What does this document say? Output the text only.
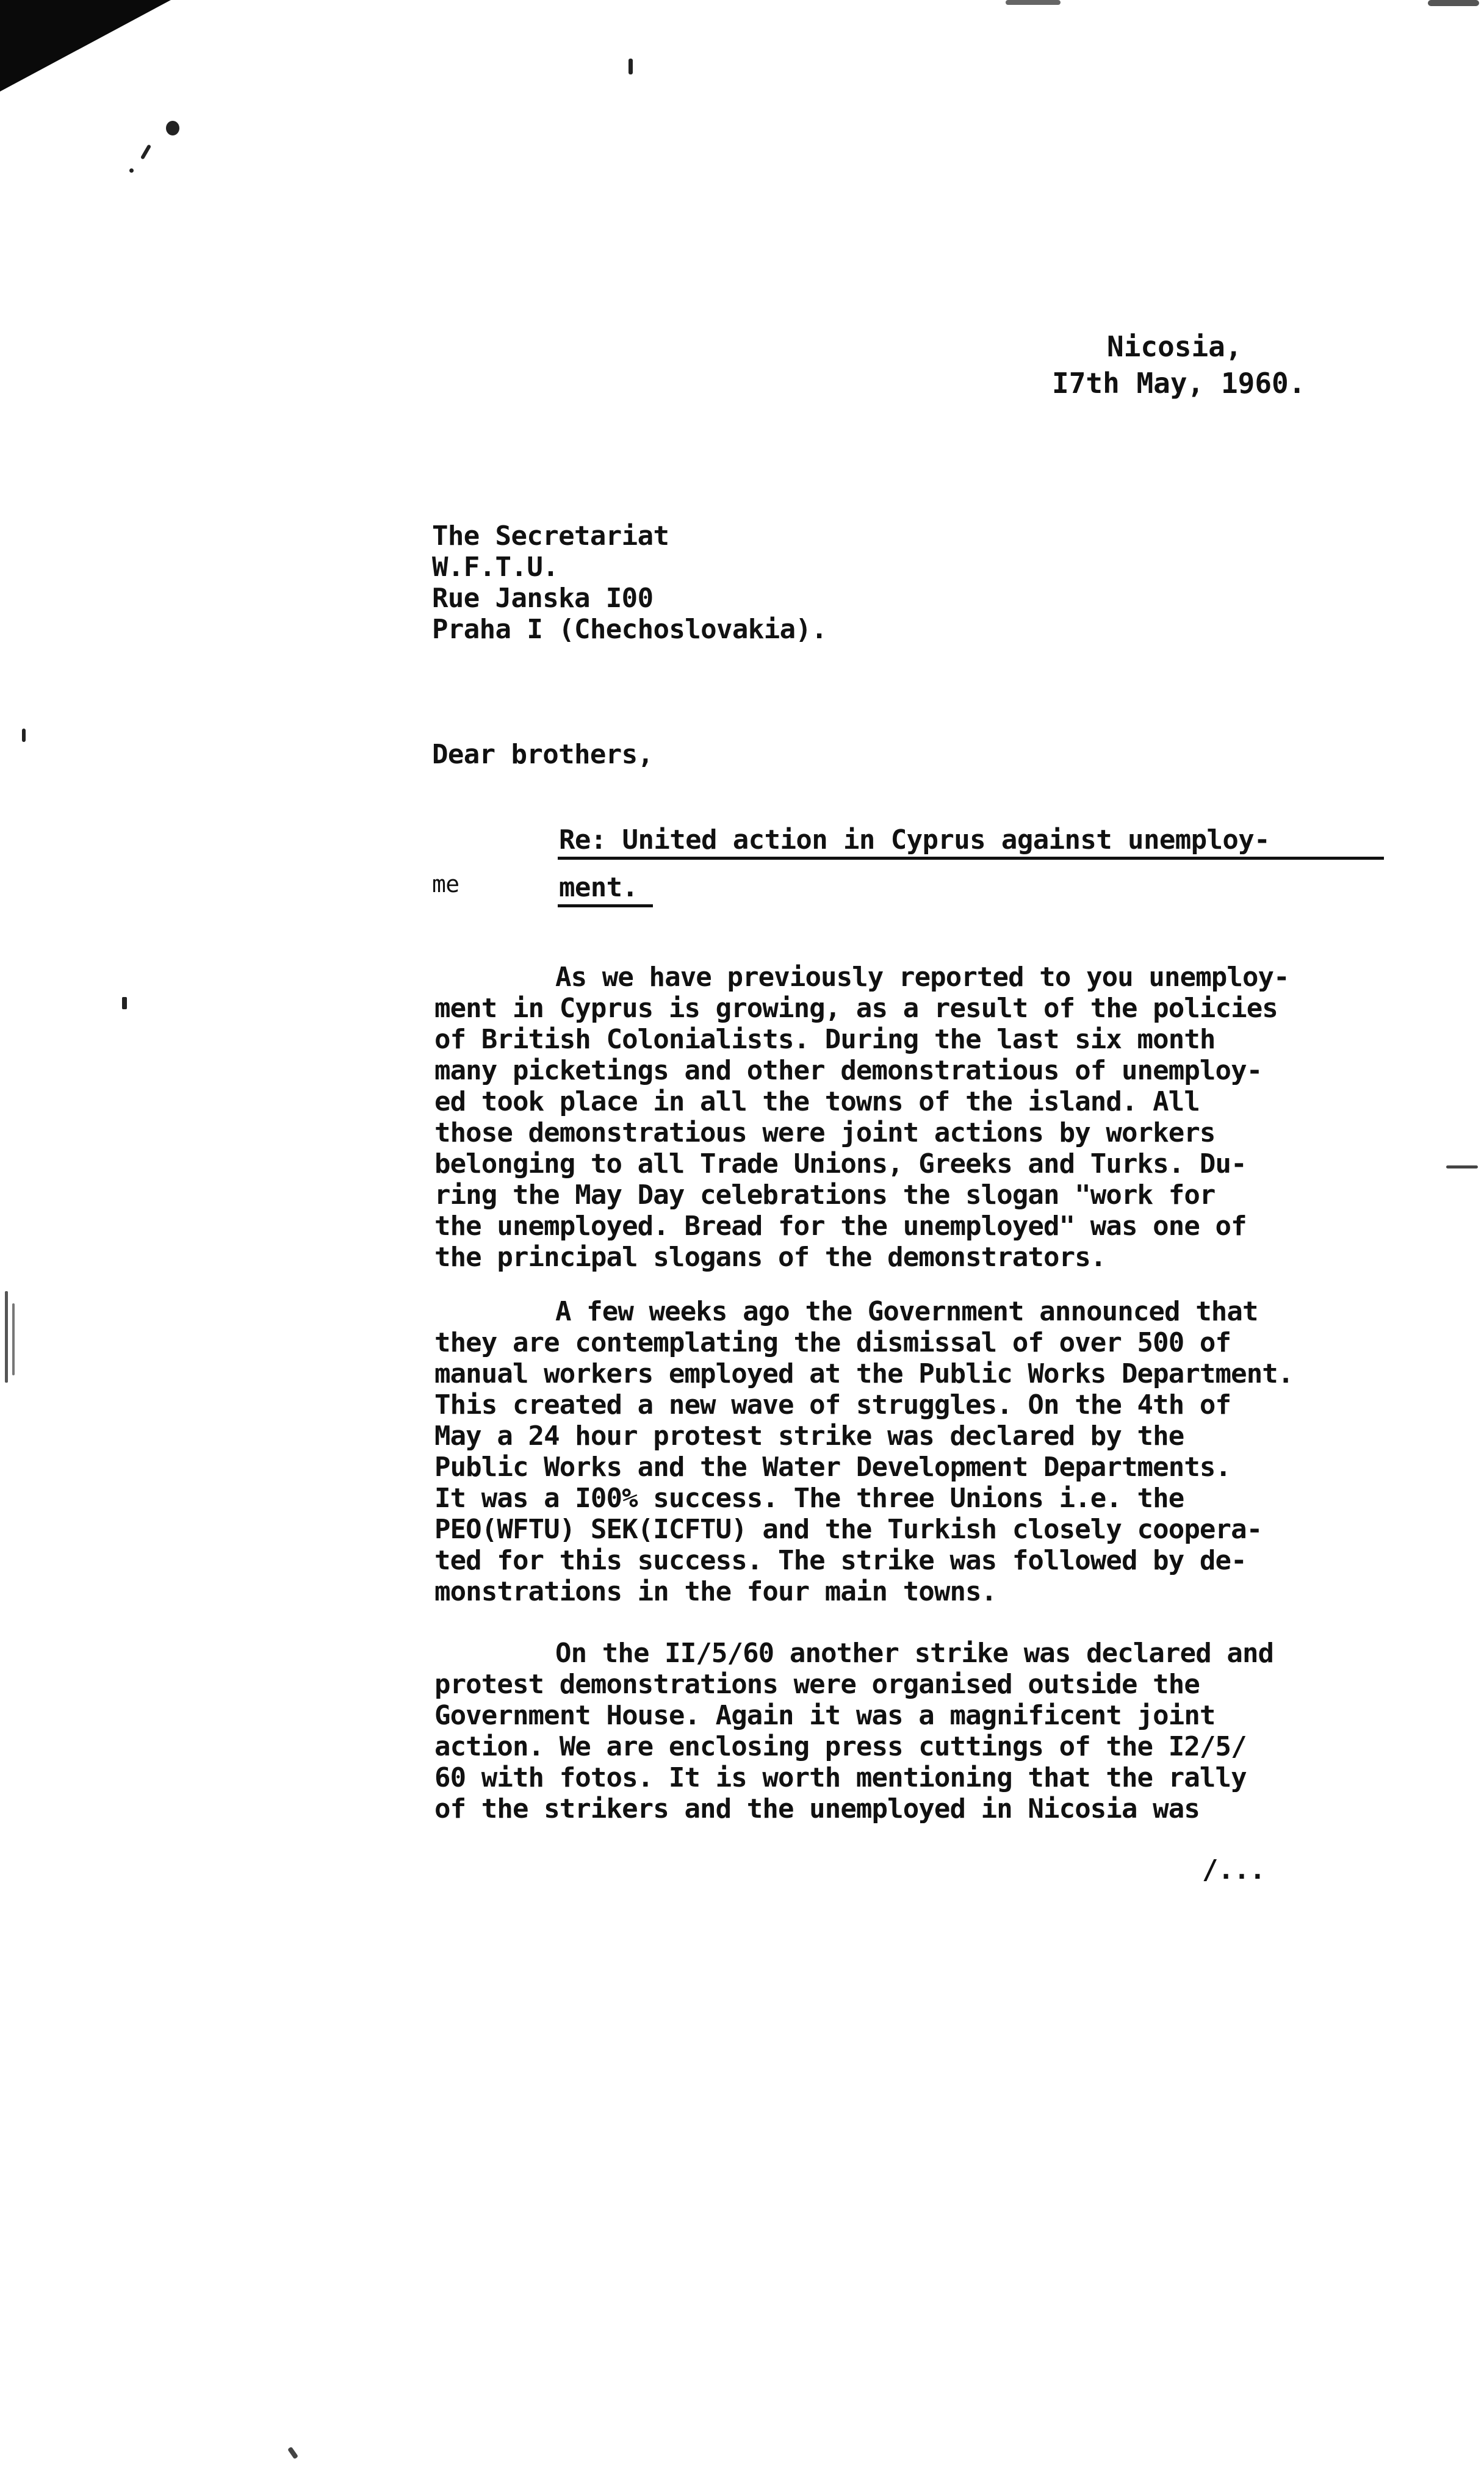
Nicosia,
I7th May, 1960.
The Secretariat
W.F.T.U.
Rue Janska I00
Praha I (Chechoslovakia).
Dear brothers,
Re: United action in Cyprus against unemploy-
me	ment.
As we have previously reported to you unemploy-
ment in Cyprus is growing, as a result of the policies
of British Colonialists. During the last six month
many picketings and other demonstratious of unemploy-
ed took place in all the towns of the island. All
those demonstratious were joint actions by workers
belonging to all Trade Unions, Greeks and Turks. Du-
ring the May Day celebrations the slogan "work for
the unemployed. Bread for the unemployed" was one of
the principal slogans of the demonstrators.
A few weeks ago the Government announced that
they are contemplating the dismissal of over 500 of
manual workers employed at the Public Works Department.
This created a new wave of struggles. On the 4th of
May a 24 hour protest strike was declared by the
Public Works and the Water Development Departments.
It was a I00% success. The three Unions i.e. the
PEO(WFTU) SEK(ICFTU) and the Turkish closely coopera-
ted for this success. The strike was followed by de-
monstrations in the four main towns.
On the II/5/60 another strike was declared and
protest demonstrations were organised outside the
Government House. Again it was a magnificent joint
action. We are enclosing press cuttings of the I2/5/
60 with fotos. It is worth mentioning that the rally
of the strikers and the unemployed in Nicosia was
/...
